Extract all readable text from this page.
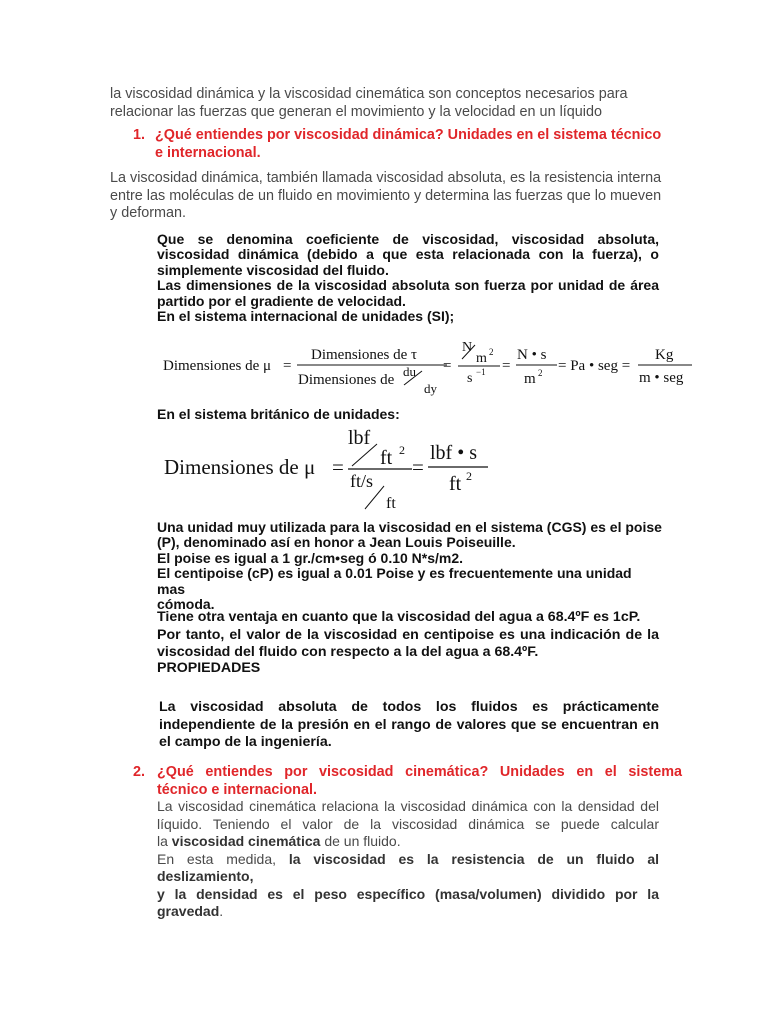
la viscosidad dinámica y la viscosidad cinemática son conceptos necesarios para

relacionar las fuerzas que generan el movimiento y la velocidad en un líquido

1. ¿Qué entiendes por viscosidad dinámica? Unidades en el sistema técnico

e internacional.

La viscosidad dinámica, también llamada viscosidad absoluta, es la resistencia interna

entre las moléculas de un fluido en movimiento y determina las fuerzas que lo mueven

y deforman.

Que se denomina coeficiente de viscosidad, viscosidad absoluta,

viscosidad dinámica (debido a que esta relacionada con la fuerza), o

simplemente viscosidad del fluido.

Las dimensiones de la viscosidad absoluta son fuerza por unidad de área

partido por el gradiente de velocidad.

En el sistema internacional de unidades (SI);

Dimensiones de μ =
Dimensiones de τ
Dimensiones de
du
dy
=
N
m 2
s −1 =
N • s
m 2 = Pa • seg =
Kg
m • seg

En el sistema británico de unidades:

Dimensiones de μ =
lbf
ft 2
ft/s
ft
=
lbf • s
ft 2

Una unidad muy utilizada para la viscosidad en el sistema (CGS) es el poise

(P), denominado así en honor a Jean Louis Poiseuille.

El poise es igual a 1 gr./cm•seg ó 0.10 N*s/m2.

El centipoise (cP) es igual a 0.01 Poise y es frecuentemente una unidad mas

cómoda.

Tiene otra ventaja en cuanto que la viscosidad del agua a 68.4ºF es 1cP.

Por tanto, el valor de la viscosidad en centipoise es una indicación de la

viscosidad del fluido con respecto a la del agua a 68.4ºF.

PROPIEDADES

La viscosidad absoluta de todos los fluidos es prácticamente

independiente de la presión en el rango de valores que se encuentran en

el campo de la ingeniería.

2. ¿Qué entiendes por viscosidad cinemática? Unidades en el sistema

técnico e internacional.

La viscosidad cinemática relaciona la viscosidad dinámica con la densidad del

líquido. Teniendo el valor de la viscosidad dinámica se puede calcular

la viscosidad cinemática de un fluido.

En esta medida, la viscosidad es la resistencia de un fluido al deslizamiento,

y la densidad es el peso específico (masa/volumen) dividido por la

gravedad.
